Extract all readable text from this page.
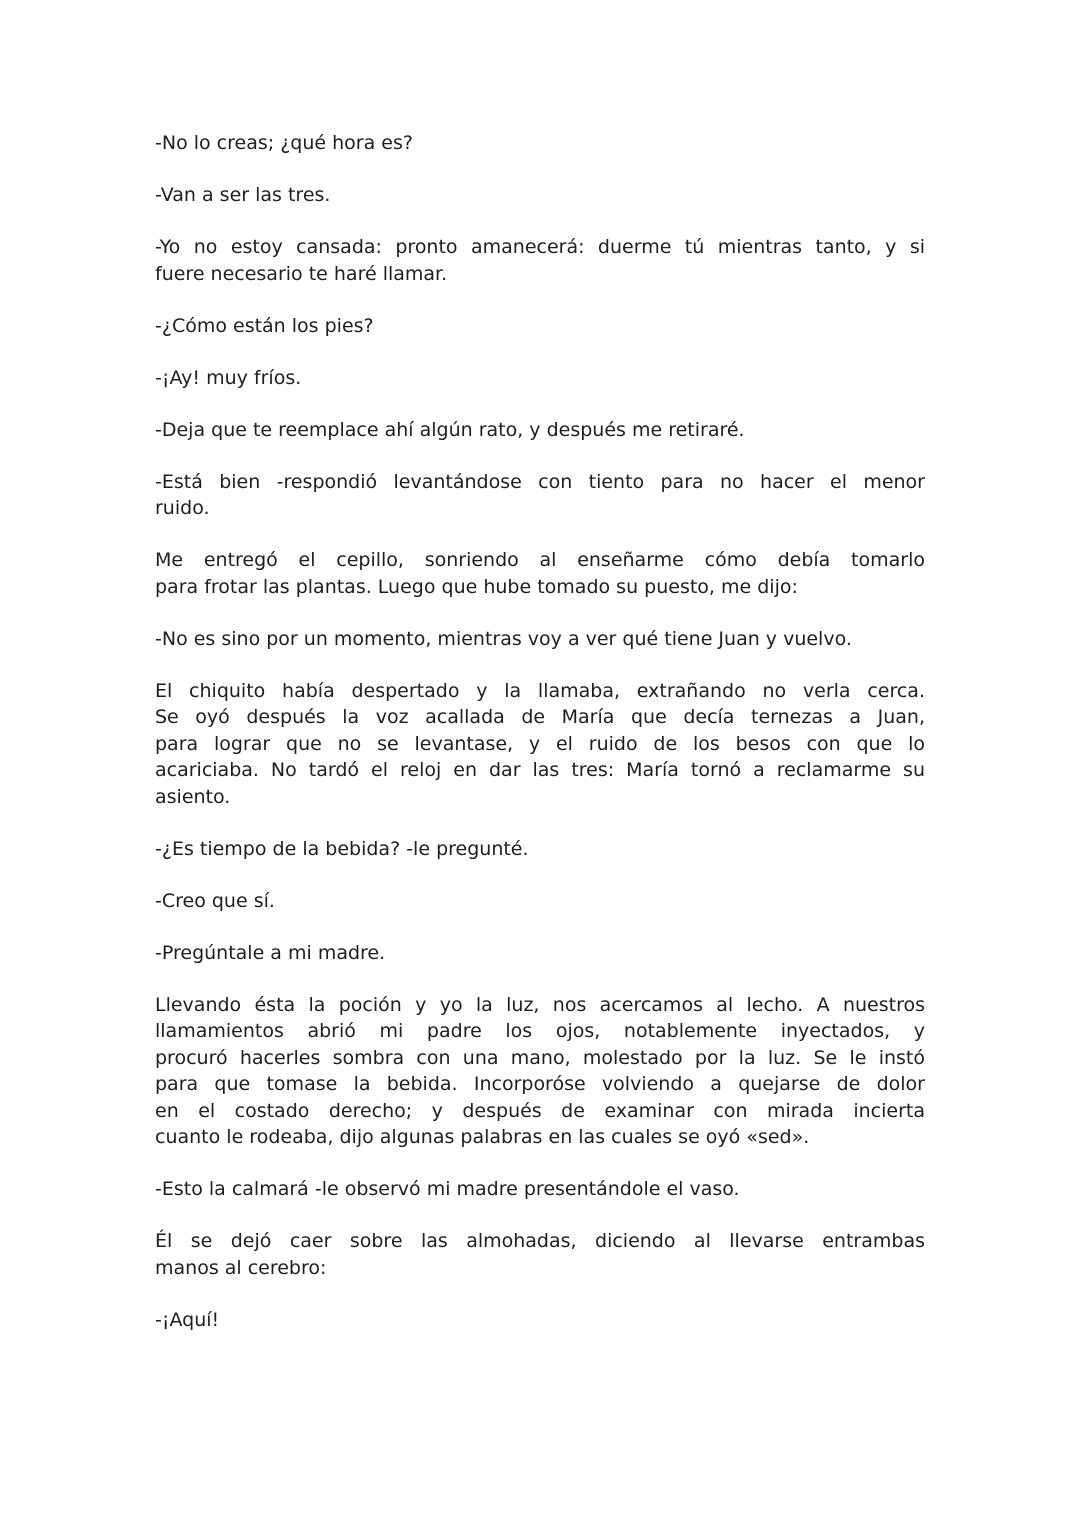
-No lo creas; ¿qué hora es?
-Van a ser las tres.
-Yo no estoy cansada: pronto amanecerá: duerme tú mientras tanto, y si
fuere necesario te haré llamar.
-¿Cómo están los pies?
-¡Ay! muy fríos.
-Deja que te reemplace ahí algún rato, y después me retiraré.
-Está bien -respondió levantándose con tiento para no hacer el menor
ruido.
Me entregó el cepillo, sonriendo al enseñarme cómo debía tomarlo
para frotar las plantas. Luego que hube tomado su puesto, me dijo:
-No es sino por un momento, mientras voy a ver qué tiene Juan y vuelvo.
El chiquito había despertado y la llamaba, extrañando no verla cerca.
Se oyó después la voz acallada de María que decía ternezas a Juan,
para lograr que no se levantase, y el ruido de los besos con que lo
acariciaba. No tardó el reloj en dar las tres: María tornó a reclamarme su
asiento.
-¿Es tiempo de la bebida? -le pregunté.
-Creo que sí.
-Pregúntale a mi madre.
Llevando ésta la poción y yo la luz, nos acercamos al lecho. A nuestros
llamamientos abrió mi padre los ojos, notablemente inyectados, y
procuró hacerles sombra con una mano, molestado por la luz. Se le instó
para que tomase la bebida. Incorporóse volviendo a quejarse de dolor
en el costado derecho; y después de examinar con mirada incierta
cuanto le rodeaba, dijo algunas palabras en las cuales se oyó «sed».
-Esto la calmará -le observó mi madre presentándole el vaso.
Él se dejó caer sobre las almohadas, diciendo al llevarse entrambas
manos al cerebro:
-¡Aquí!
